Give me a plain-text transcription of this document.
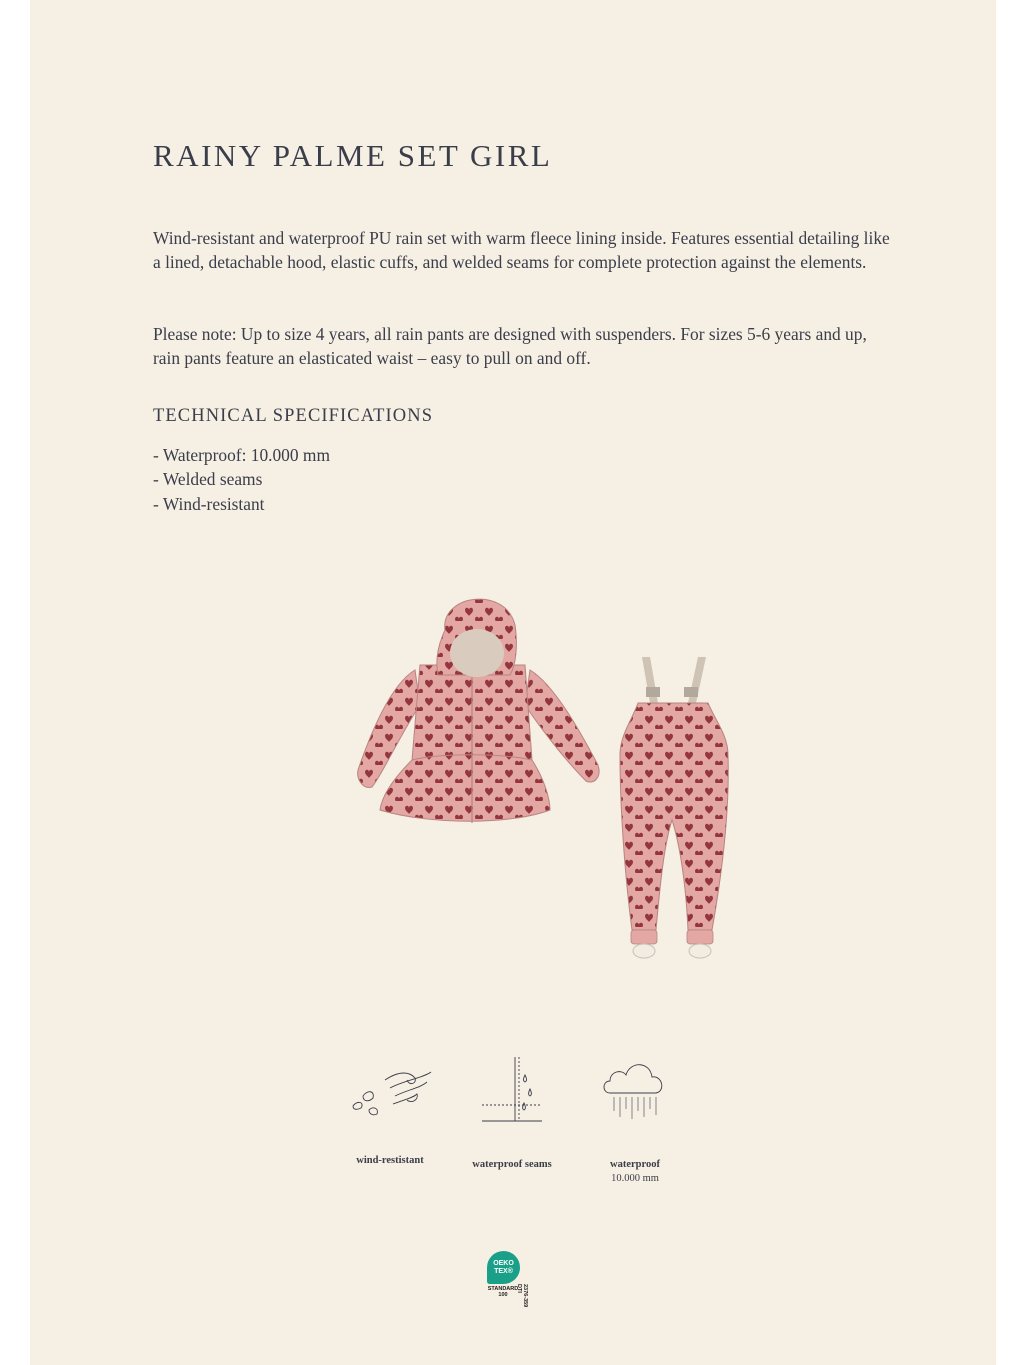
RAINY PALME SET GIRL

Wind-resistant and waterproof PU rain set with warm fleece lining inside. Features essential detailing like a lined, detachable hood, elastic cuffs, and welded seams for complete protection against the elements.

Please note: Up to size 4 years, all rain pants are designed with suspenders. For sizes 5-6 years and up, rain pants feature an elasticated waist – easy to pull on and off.

TECHNICAL SPECIFICATIONS
- Waterproof: 10.000 mm
- Welded seams
- Wind-resistant
wind-restistant	waterproof seams	waterproof
10.000 mm
OEKO
TEX®
STANDARD
100	2376-359
DTI
